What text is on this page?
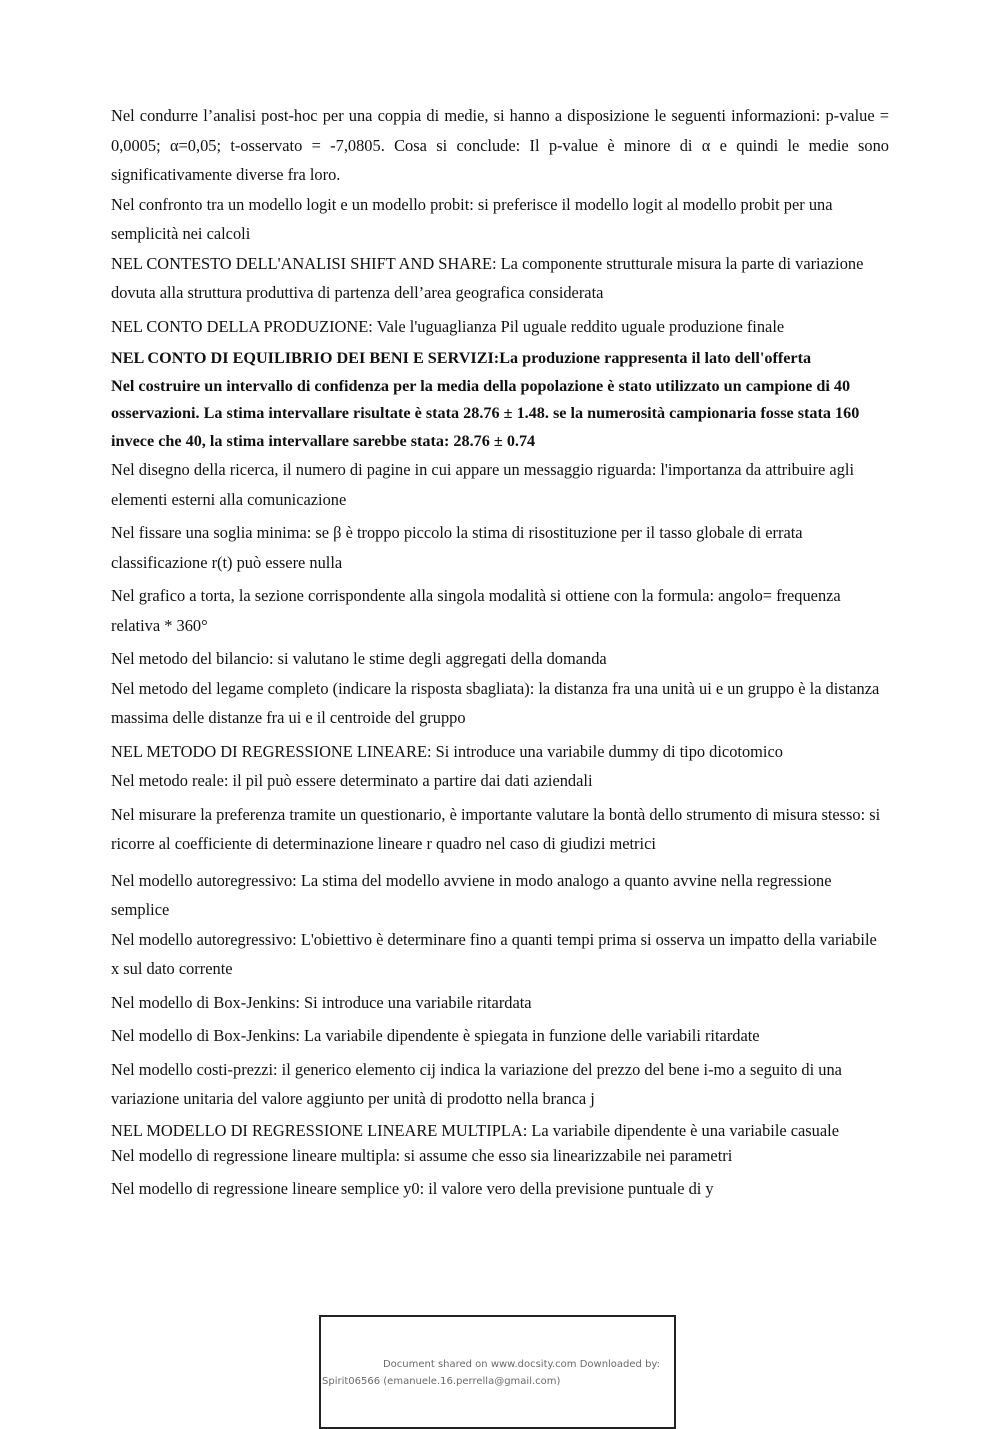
Nel condurre l’analisi post-hoc per una coppia di medie, si hanno a disposizione le seguenti informazioni: p-value = 0,0005; α=0,05; t-osservato = -7,0805. Cosa si conclude: Il p-value è minore di α e quindi le medie sono significativamente diverse fra loro.

Nel confronto tra un modello logit e un modello probit: si preferisce il modello logit al modello probit per una semplicità nei calcoli

NEL CONTESTO DELL'ANALISI SHIFT AND SHARE: La componente strutturale misura la parte di variazione dovuta alla struttura produttiva di partenza dell’area geografica considerata

NEL CONTO DELLA PRODUZIONE: Vale l'uguaglianza Pil uguale reddito uguale produzione finale

NEL CONTO DI EQUILIBRIO DEI BENI E SERVIZI:La produzione rappresenta il lato dell'offerta

Nel costruire un intervallo di confidenza per la media della popolazione è stato utilizzato un campione di 40 osservazioni. La stima intervallare risultate è stata 28.76 ± 1.48. se la numerosità campionaria fosse stata 160 invece che 40, la stima intervallare sarebbe stata: 28.76 ± 0.74

Nel disegno della ricerca, il numero di pagine in cui appare un messaggio riguarda: l'importanza da attribuire agli elementi esterni alla comunicazione

Nel fissare una soglia minima: se β è troppo piccolo la stima di risostituzione per il tasso globale di errata classificazione r(t) può essere nulla

Nel grafico a torta, la sezione corrispondente alla singola modalità si ottiene con la formula: angolo= frequenza relativa * 360°

Nel metodo del bilancio: si valutano le stime degli aggregati della domanda

Nel metodo del legame completo (indicare la risposta sbagliata): la distanza fra una unità ui e un gruppo è la distanza massima delle distanze fra ui e il centroide del gruppo

NEL METODO DI REGRESSIONE LINEARE: Si introduce una variabile dummy di tipo dicotomico

Nel metodo reale: il pil può essere determinato a partire dai dati aziendali

Nel misurare la preferenza tramite un questionario, è importante valutare la bontà dello strumento di misura stesso: si ricorre al coefficiente di determinazione lineare r quadro nel caso di giudizi metrici

Nel modello autoregressivo: La stima del modello avviene in modo analogo a quanto avvine nella regressione semplice

Nel modello autoregressivo: L'obiettivo è determinare fino a quanti tempi prima si osserva un impatto della variabile x sul dato corrente

Nel modello di Box-Jenkins: Si introduce una variabile ritardata

Nel modello di Box-Jenkins: La variabile dipendente è spiegata in funzione delle variabili ritardate

Nel modello costi-prezzi: il generico elemento cij indica la variazione del prezzo del bene i-mo a seguito di una variazione unitaria del valore aggiunto per unità di prodotto nella branca j

NEL MODELLO DI REGRESSIONE LINEARE MULTIPLA: La variabile dipendente è una variabile casuale

Nel modello di regressione lineare multipla: si assume che esso sia linearizzabile nei parametri

Nel modello di regressione lineare semplice y0: il valore vero della previsione puntuale di y

Document shared on www.docsity.com Downloaded by:
Spirit06566 (emanuele.16.perrella@gmail.com)
